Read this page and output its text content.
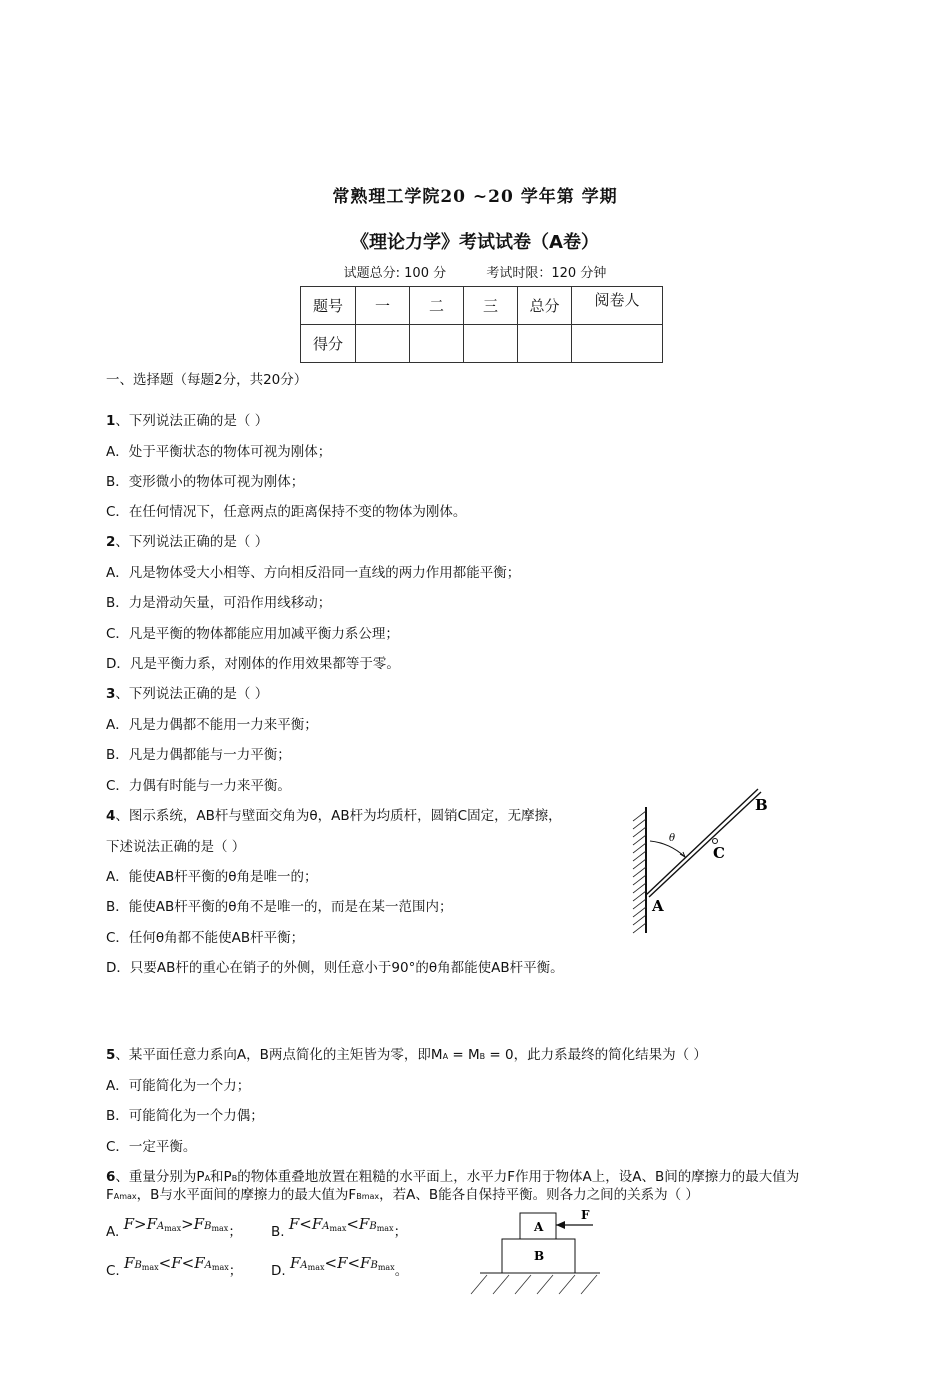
常熟理工学院20 ~20 学年第 学期
《理论力学》考试试卷（A卷）
试题总分: 100 分	考试时限：120 分钟
题号	一	二	三	总分	阅卷人
得分					
一、选择题（每题2分，共20分）
1、下列说法正确的是（ ）
A．处于平衡状态的物体可视为刚体；
B．变形微小的物体可视为刚体；
C．在任何情况下，任意两点的距离保持不变的物体为刚体。
2、下列说法正确的是（ ）
A．凡是物体受大小相等、方向相反沿同一直线的两力作用都能平衡；
B．力是滑动矢量，可沿作用线移动；
C．凡是平衡的物体都能应用加减平衡力系公理；
D．凡是平衡力系，对刚体的作用效果都等于零。
3、下列说法正确的是（ ）
A．凡是力偶都不能用一力来平衡；
B．凡是力偶都能与一力平衡；
C．力偶有时能与一力来平衡。
4、图示系统，AB杆与壁面交角为θ，AB杆为均质杆，圆销C固定，无摩擦，
下述说法正确的是（ ）
A．能使AB杆平衡的θ角是唯一的；
B．能使AB杆平衡的θ角不是唯一的，而是在某一范围内；
C．任何θ角都不能使AB杆平衡；
D．只要AB杆的重心在销子的外侧，则任意小于90°的θ角都能使AB杆平衡。
θ
C
B
A
5、某平面任意力系向A，B两点简化的主矩皆为零，即MA = MB = 0，此力系最终的简化结果为（ ）
A．可能简化为一个力；
B．可能简化为一个力偶；
C．一定平衡。
6、重量分别为PA和PB的物体重叠地放置在粗糙的水平面上，水平力F作用于物体A上，设A、B间的摩擦力的最大值为
FAmax，B与水平面间的摩擦力的最大值为FBmax，若A、B能各自保持平衡。则各力之间的关系为（ ）
A. $F>FA_{max}>FB_{max}$； B. $F<FA_{max}<FB_{max}$；
C. $FB_{max}<F<FA_{max}$； D. $FA_{max}<F<FB_{max}$。
A
B
F
